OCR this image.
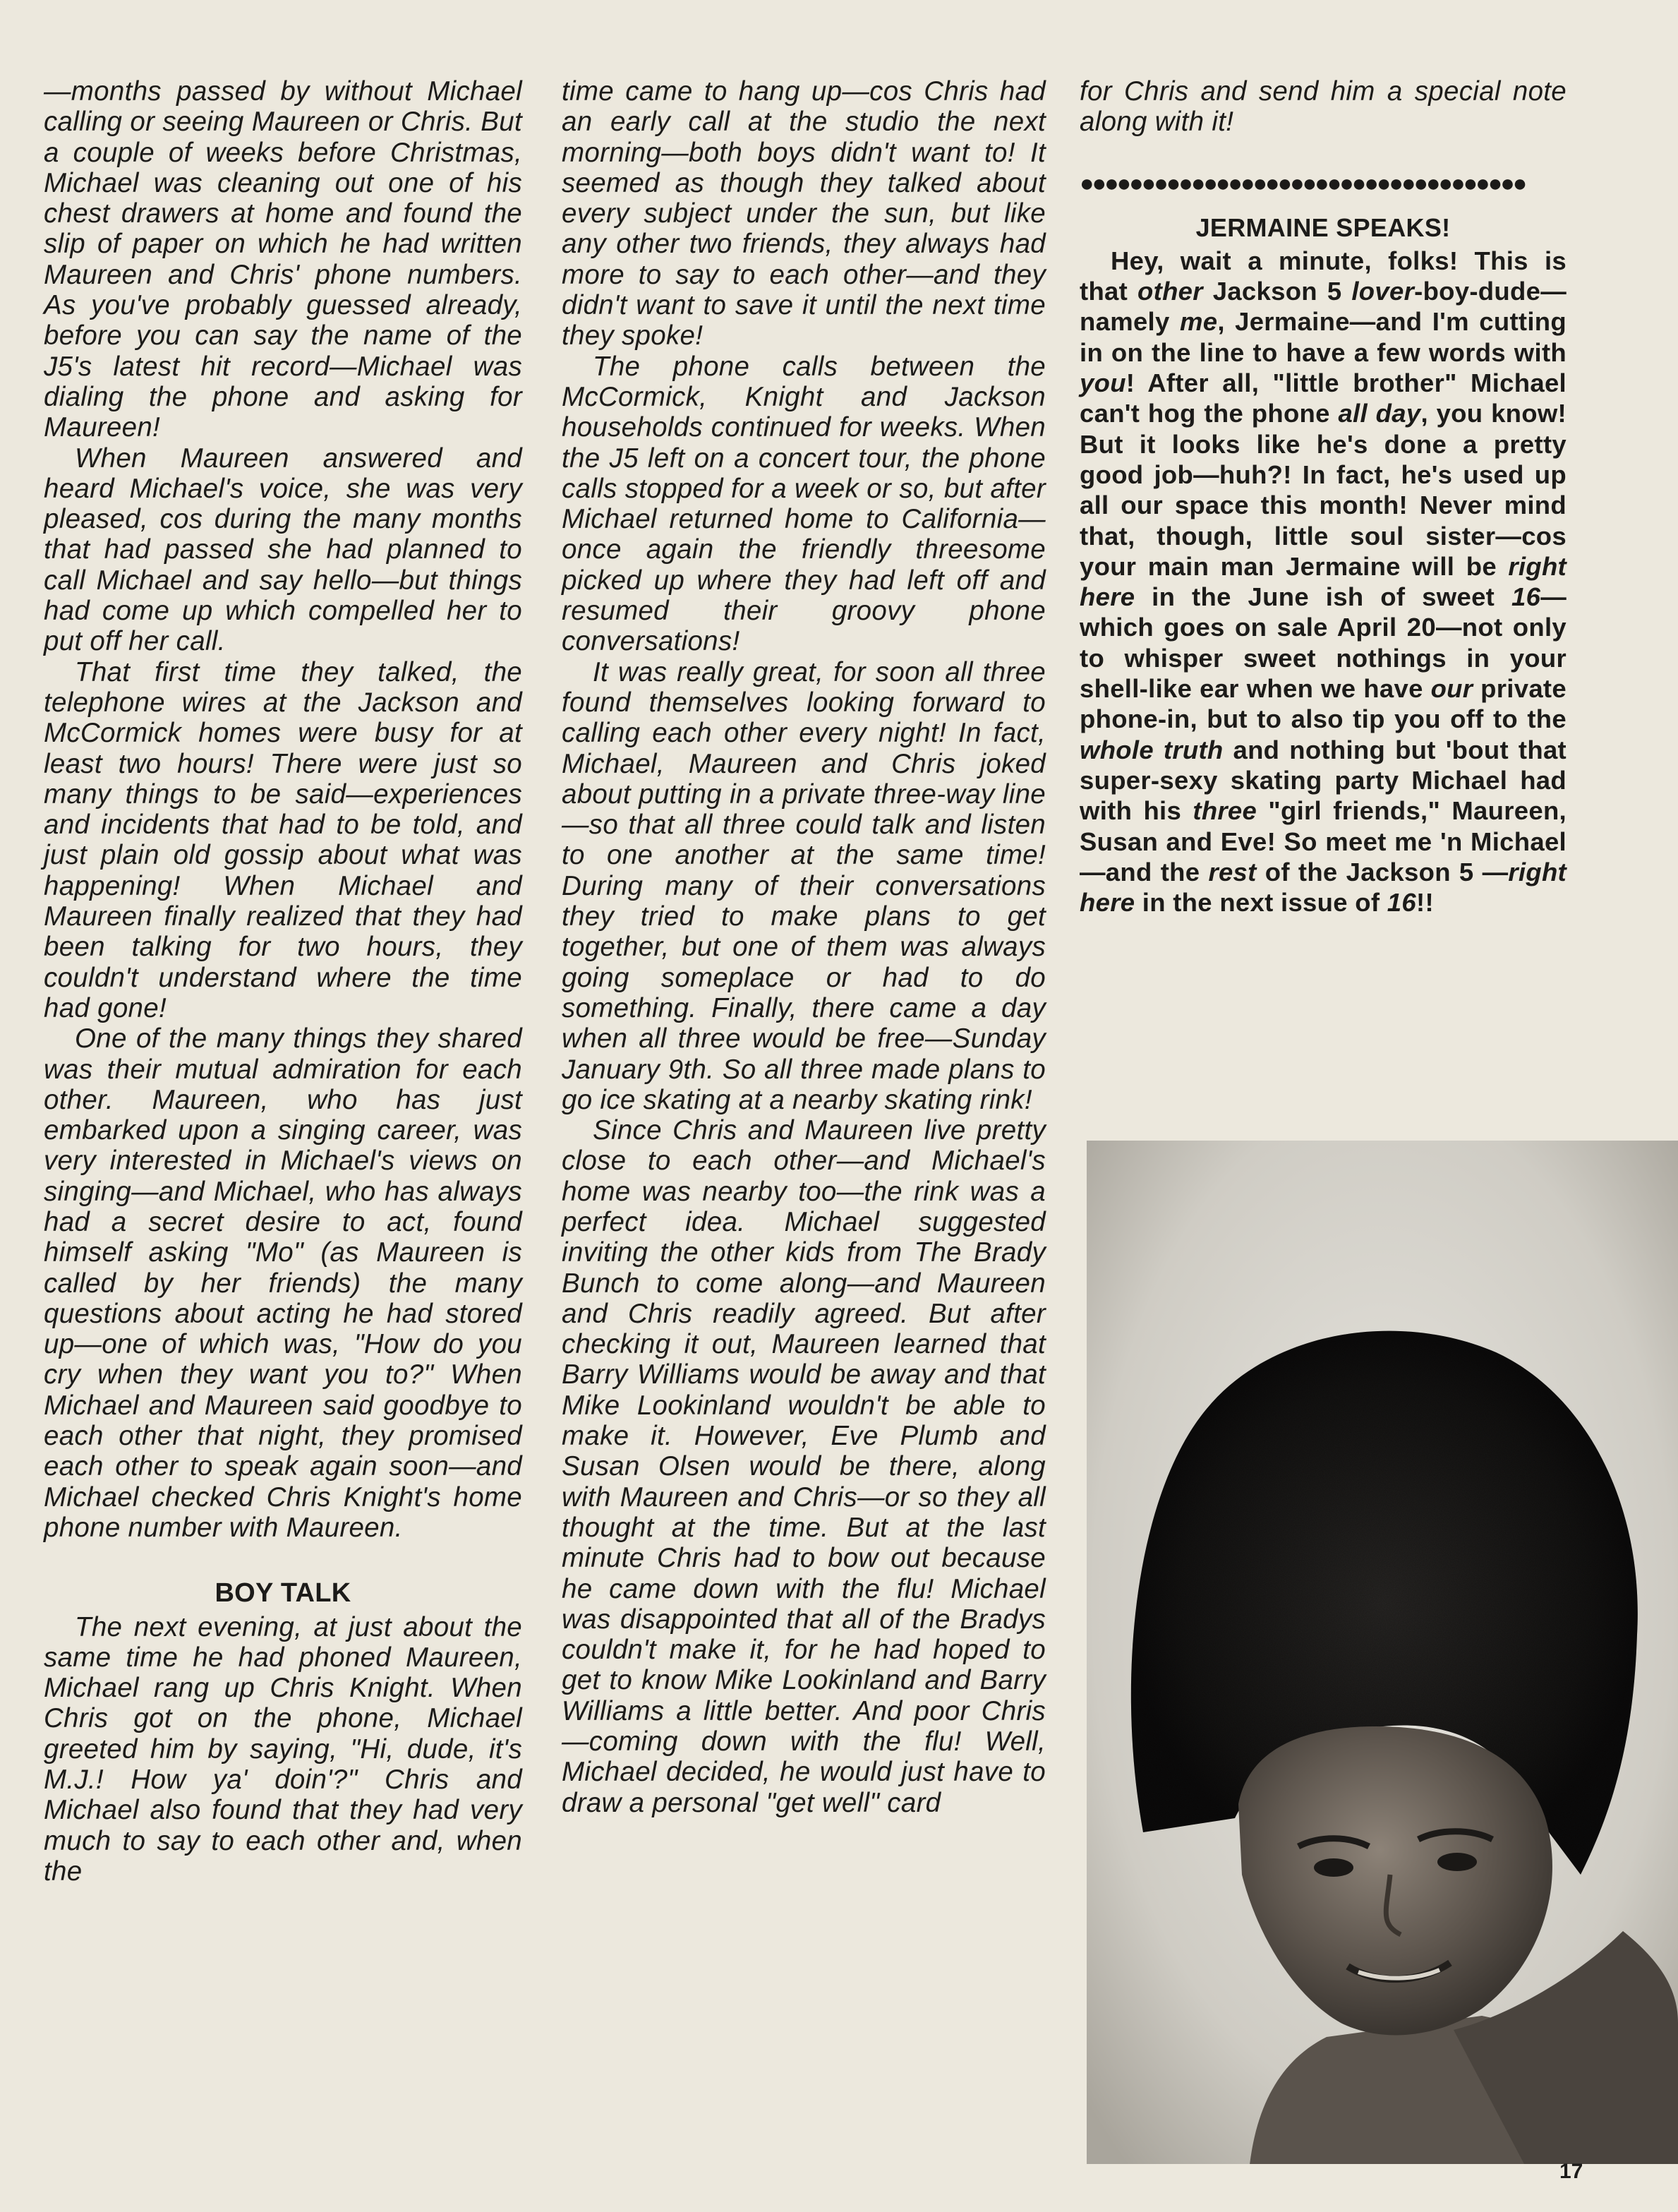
—months passed by without Michael calling or seeing Maureen or Chris. But a couple of weeks before Christmas, Michael was cleaning out one of his chest drawers at home and found the slip of paper on which he had written Maureen and Chris' phone numbers. As you've probably guessed already, before you can say the name of the J5's latest hit record—Michael was dialing the phone and asking for Maureen!

When Maureen answered and heard Michael's voice, she was very pleased, cos during the many months that had passed she had planned to call Michael and say hello—but things had come up which compelled her to put off her call.

That first time they talked, the telephone wires at the Jackson and McCormick homes were busy for at least two hours! There were just so many things to be said—experiences and incidents that had to be told, and just plain old gossip about what was happening! When Michael and Maureen finally realized that they had been talking for two hours, they couldn't understand where the time had gone!

One of the many things they shared was their mutual admiration for each other. Maureen, who has just embarked upon a singing career, was very interested in Michael's views on singing—and Michael, who has always had a secret desire to act, found himself asking "Mo" (as Maureen is called by her friends) the many questions about acting he had stored up—one of which was, "How do you cry when they want you to?" When Michael and Maureen said goodbye to each other that night, they promised each other to speak again soon—and Michael checked Chris Knight's home phone number with Maureen.

BOY TALK

The next evening, at just about the same time he had phoned Maureen, Michael rang up Chris Knight. When Chris got on the phone, Michael greeted him by saying, "Hi, dude, it's M.J.! How ya' doin'?" Chris and Michael also found that they had very much to say to each other and, when the

time came to hang up—cos Chris had an early call at the studio the next morning—both boys didn't want to! It seemed as though they talked about every subject under the sun, but like any other two friends, they always had more to say to each other—and they didn't want to save it until the next time they spoke!

The phone calls between the McCormick, Knight and Jackson households continued for weeks. When the J5 left on a concert tour, the phone calls stopped for a week or so, but after Michael returned home to California—once again the friendly threesome picked up where they had left off and resumed their groovy phone conversations!

It was really great, for soon all three found themselves looking forward to calling each other every night! In fact, Michael, Maureen and Chris joked about putting in a private three-way line—so that all three could talk and listen to one another at the same time! During many of their conversations they tried to make plans to get together, but one of them was always going someplace or had to do something. Finally, there came a day when all three would be free—Sunday January 9th. So all three made plans to go ice skating at a nearby skating rink!

Since Chris and Maureen live pretty close to each other—and Michael's home was nearby too—the rink was a perfect idea. Michael suggested inviting the other kids from The Brady Bunch to come along—and Maureen and Chris readily agreed. But after checking it out, Maureen learned that Barry Williams would be away and that Mike Lookinland wouldn't be able to make it. However, Eve Plumb and Susan Olsen would be there, along with Maureen and Chris—or so they all thought at the time. But at the last minute Chris had to bow out because he came down with the flu! Michael was disappointed that all of the Bradys couldn't make it, for he had hoped to get to know Mike Lookinland and Barry Williams a little better. And poor Chris—coming down with the flu! Well, Michael decided, he would just have to draw a personal "get well" card

for Chris and send him a special note along with it!

●●●●●●●●●●●●●●●●●●●●●●●●●●●●●●●●●●●●
JERMAINE SPEAKS!

Hey, wait a minute, folks! This is that other Jackson 5 lover-boy-dude—namely me, Jermaine—and I'm cutting in on the line to have a few words with you! After all, "little brother" Michael can't hog the phone all day, you know! But it looks like he's done a pretty good job—huh?! In fact, he's used up all our space this month! Never mind that, though, little soul sister—cos your main man Jermaine will be right here in the June ish of sweet 16—which goes on sale April 20—not only to whisper sweet nothings in your shell-like ear when we have our private phone-in, but to also tip you off to the whole truth and nothing but 'bout that super-sexy skating party Michael had with his three "girl friends," Maureen, Susan and Eve! So meet me 'n Michael —and the rest of the Jackson 5 —right here in the next issue of 16!!

17
